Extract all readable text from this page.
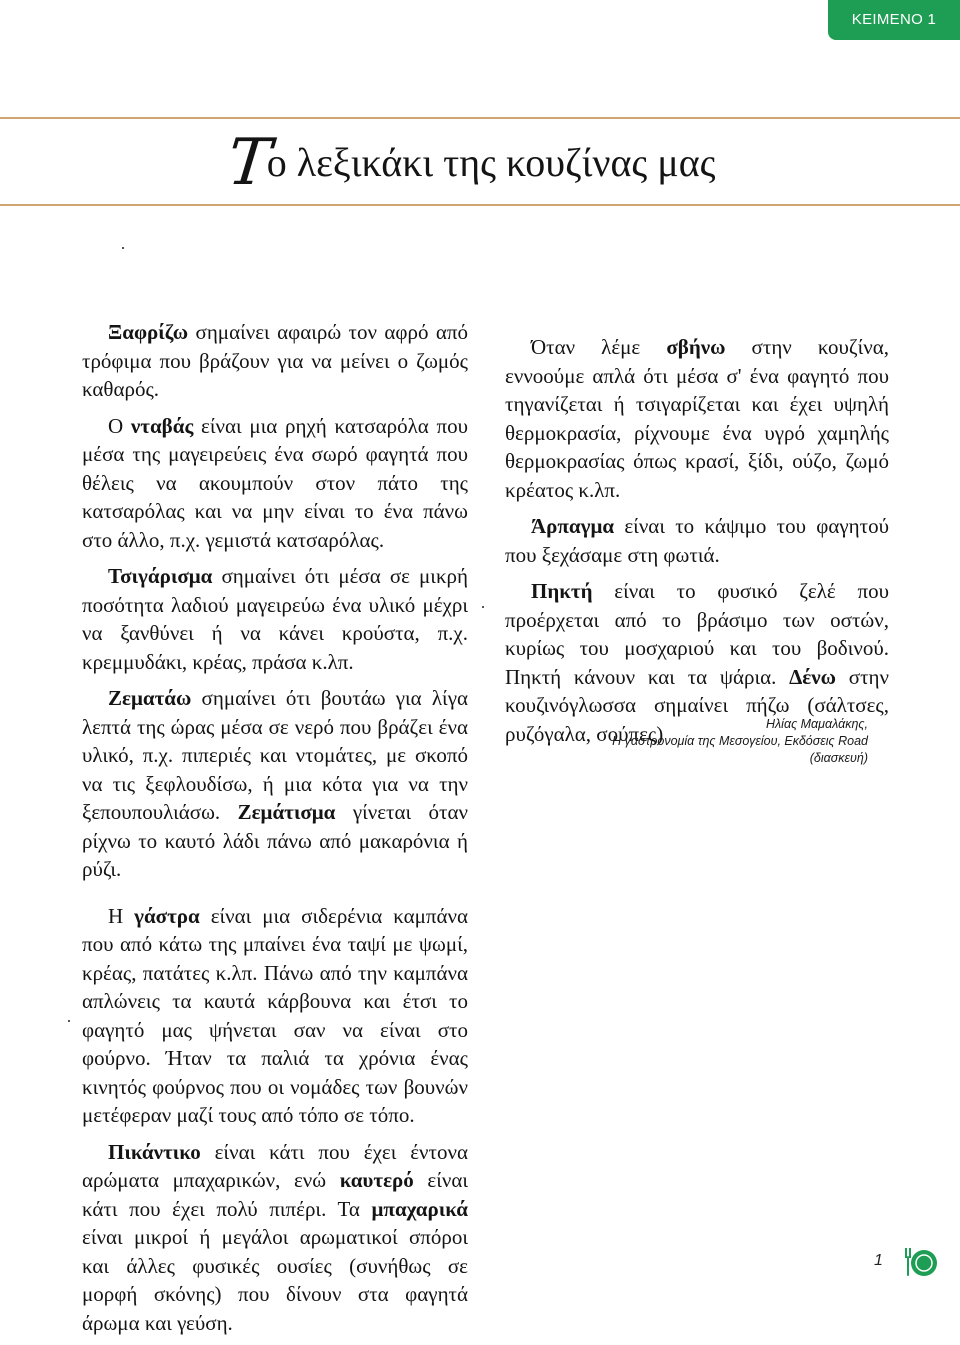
ΚΕΙΜΕΝΟ 1
Το λεξικάκι της κουζίνας μας

Ξαφρίζω σημαίνει αφαιρώ τον αφρό από τρόφιμα που βράζουν για να μείνει ο ζωμός καθαρός.

Ο νταβάς είναι μια ρηχή κατσαρόλα που μέσα της μαγειρεύεις ένα σωρό φαγητά που θέλεις να ακουμπούν στον πάτο της κατσαρόλας και να μην είναι το ένα πάνω στο άλλο, π.χ. γεμιστά κατσαρόλας.

Τσιγάρισμα σημαίνει ότι μέσα σε μικρή ποσότητα λαδιού μαγειρεύω ένα υλικό μέχρι να ξανθύνει ή να κάνει κρούστα, π.χ. κρεμμυδάκι, κρέας, πράσα κ.λπ.

Ζεματάω σημαίνει ότι βουτάω για λίγα λεπτά της ώρας μέσα σε νερό που βράζει ένα υλικό, π.χ. πιπεριές και ντομάτες, με σκοπό να τις ξεφλουδίσω, ή μια κότα για να την ξεπουπουλιάσω. Ζεμάτισμα γίνεται όταν ρίχνω το καυτό λάδι πάνω από μακαρόνια ή ρύζι.

Η γάστρα είναι μια σιδερένια καμπάνα που από κάτω της μπαίνει ένα ταψί με ψωμί, κρέας, πατάτες κ.λπ. Πάνω από την καμπάνα απλώνεις τα καυτά κάρβουνα και έτσι το φαγητό μας ψήνεται σαν να είναι στο φούρνο. Ήταν τα παλιά τα χρόνια ένας κινητός φούρνος που οι νομάδες των βουνών μετέφεραν μαζί τους από τόπο σε τόπο.

Πικάντικο είναι κάτι που έχει έντονα αρώματα μπαχαρικών, ενώ καυτερό είναι κάτι που έχει πολύ πιπέρι. Τα μπαχαρικά είναι μικροί ή μεγάλοι αρωματικοί σπόροι και άλλες φυσικές ουσίες (συνήθως σε μορφή σκόνης) που δίνουν στα φαγητά άρωμα και γεύση.

Όταν λέμε σβήνω στην κουζίνα, εννοούμε απλά ότι μέσα σ' ένα φαγητό που τηγανίζεται ή τσιγαρίζεται και έχει υψηλή θερμοκρασία, ρίχνουμε ένα υγρό χαμηλής θερμοκρασίας όπως κρασί, ξίδι, ούζο, ζωμό κρέατος κ.λπ.

Άρπαγμα είναι το κάψιμο του φαγητού που ξεχάσαμε στη φωτιά.

Πηκτή είναι το φυσικό ζελέ που προέρχεται από το βράσιμο των οστών, κυρίως του μοσχαριού και του βοδινού. Πηκτή κάνουν και τα ψάρια. Δένω στην κουζινόγλωσσα σημαίνει πήζω (σάλτσες, ρυζόγαλα, σούπες)	Ηλίας Μαμαλάκης,
Η γαστρονομία της Μεσογείου, Εκδόσεις Road
(διασκευή)
1
